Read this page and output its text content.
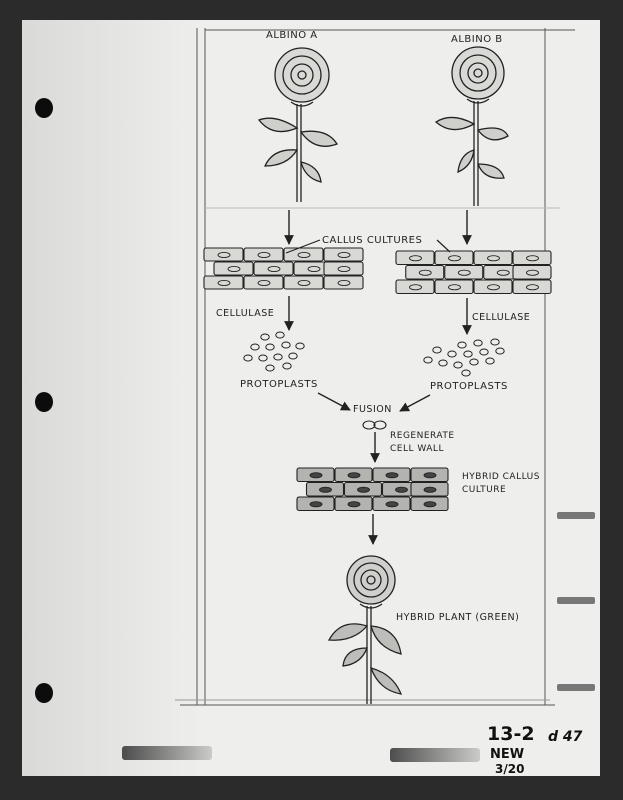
ALBINO A	ALBINO B
CALLUS CULTURES
CELLULASE	CELLULASE
PROTOPLASTS	PROTOPLASTS
FUSION
REGENERATE
CELL WALL
HYBRID CALLUS
CULTURE
HYBRID PLANT (GREEN)
13-2
NEW
3/20
d 47
